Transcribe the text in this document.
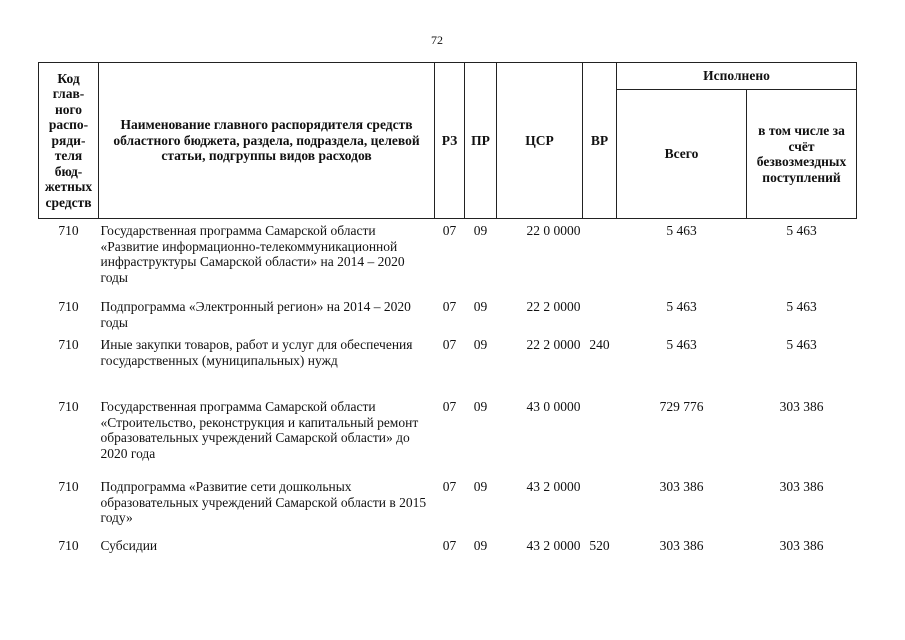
72
Код глав-ного распо-ряди-теля бюд-жетных средств	Наименование главного распорядителя средств областного бюджета, раздела, подраздела, целевой статьи, подгруппы видов расходов	РЗ	ПР	ЦСР	ВР	Исполнено	
						Всего	в том числе за счёт безвозмездных поступлений
710	Государственная программа Самарской области «Развитие информационно-телекоммуникационной инфраструктуры Самарской области» на 2014 – 2020 годы	07	09	22 0 0000		5 463	5 463
710	Подпрограмма «Электронный регион» на 2014 – 2020 годы	07	09	22 2 0000		5 463	5 463
710	Иные закупки товаров, работ и услуг для обеспечения государственных (муниципальных) нужд	07	09	22 2 0000	240	5 463	5 463
710	Государственная программа Самарской области «Строительство, реконструкция и капитальный ремонт образовательных учреждений Самарской области» до 2020 года	07	09	43 0 0000		729 776	303 386
710	Подпрограмма «Развитие сети дошкольных образовательных учреждений Самарской области в 2015 году»	07	09	43 2 0000		303 386	303 386
710	Субсидии	07	09	43 2 0000	520	303 386	303 386
